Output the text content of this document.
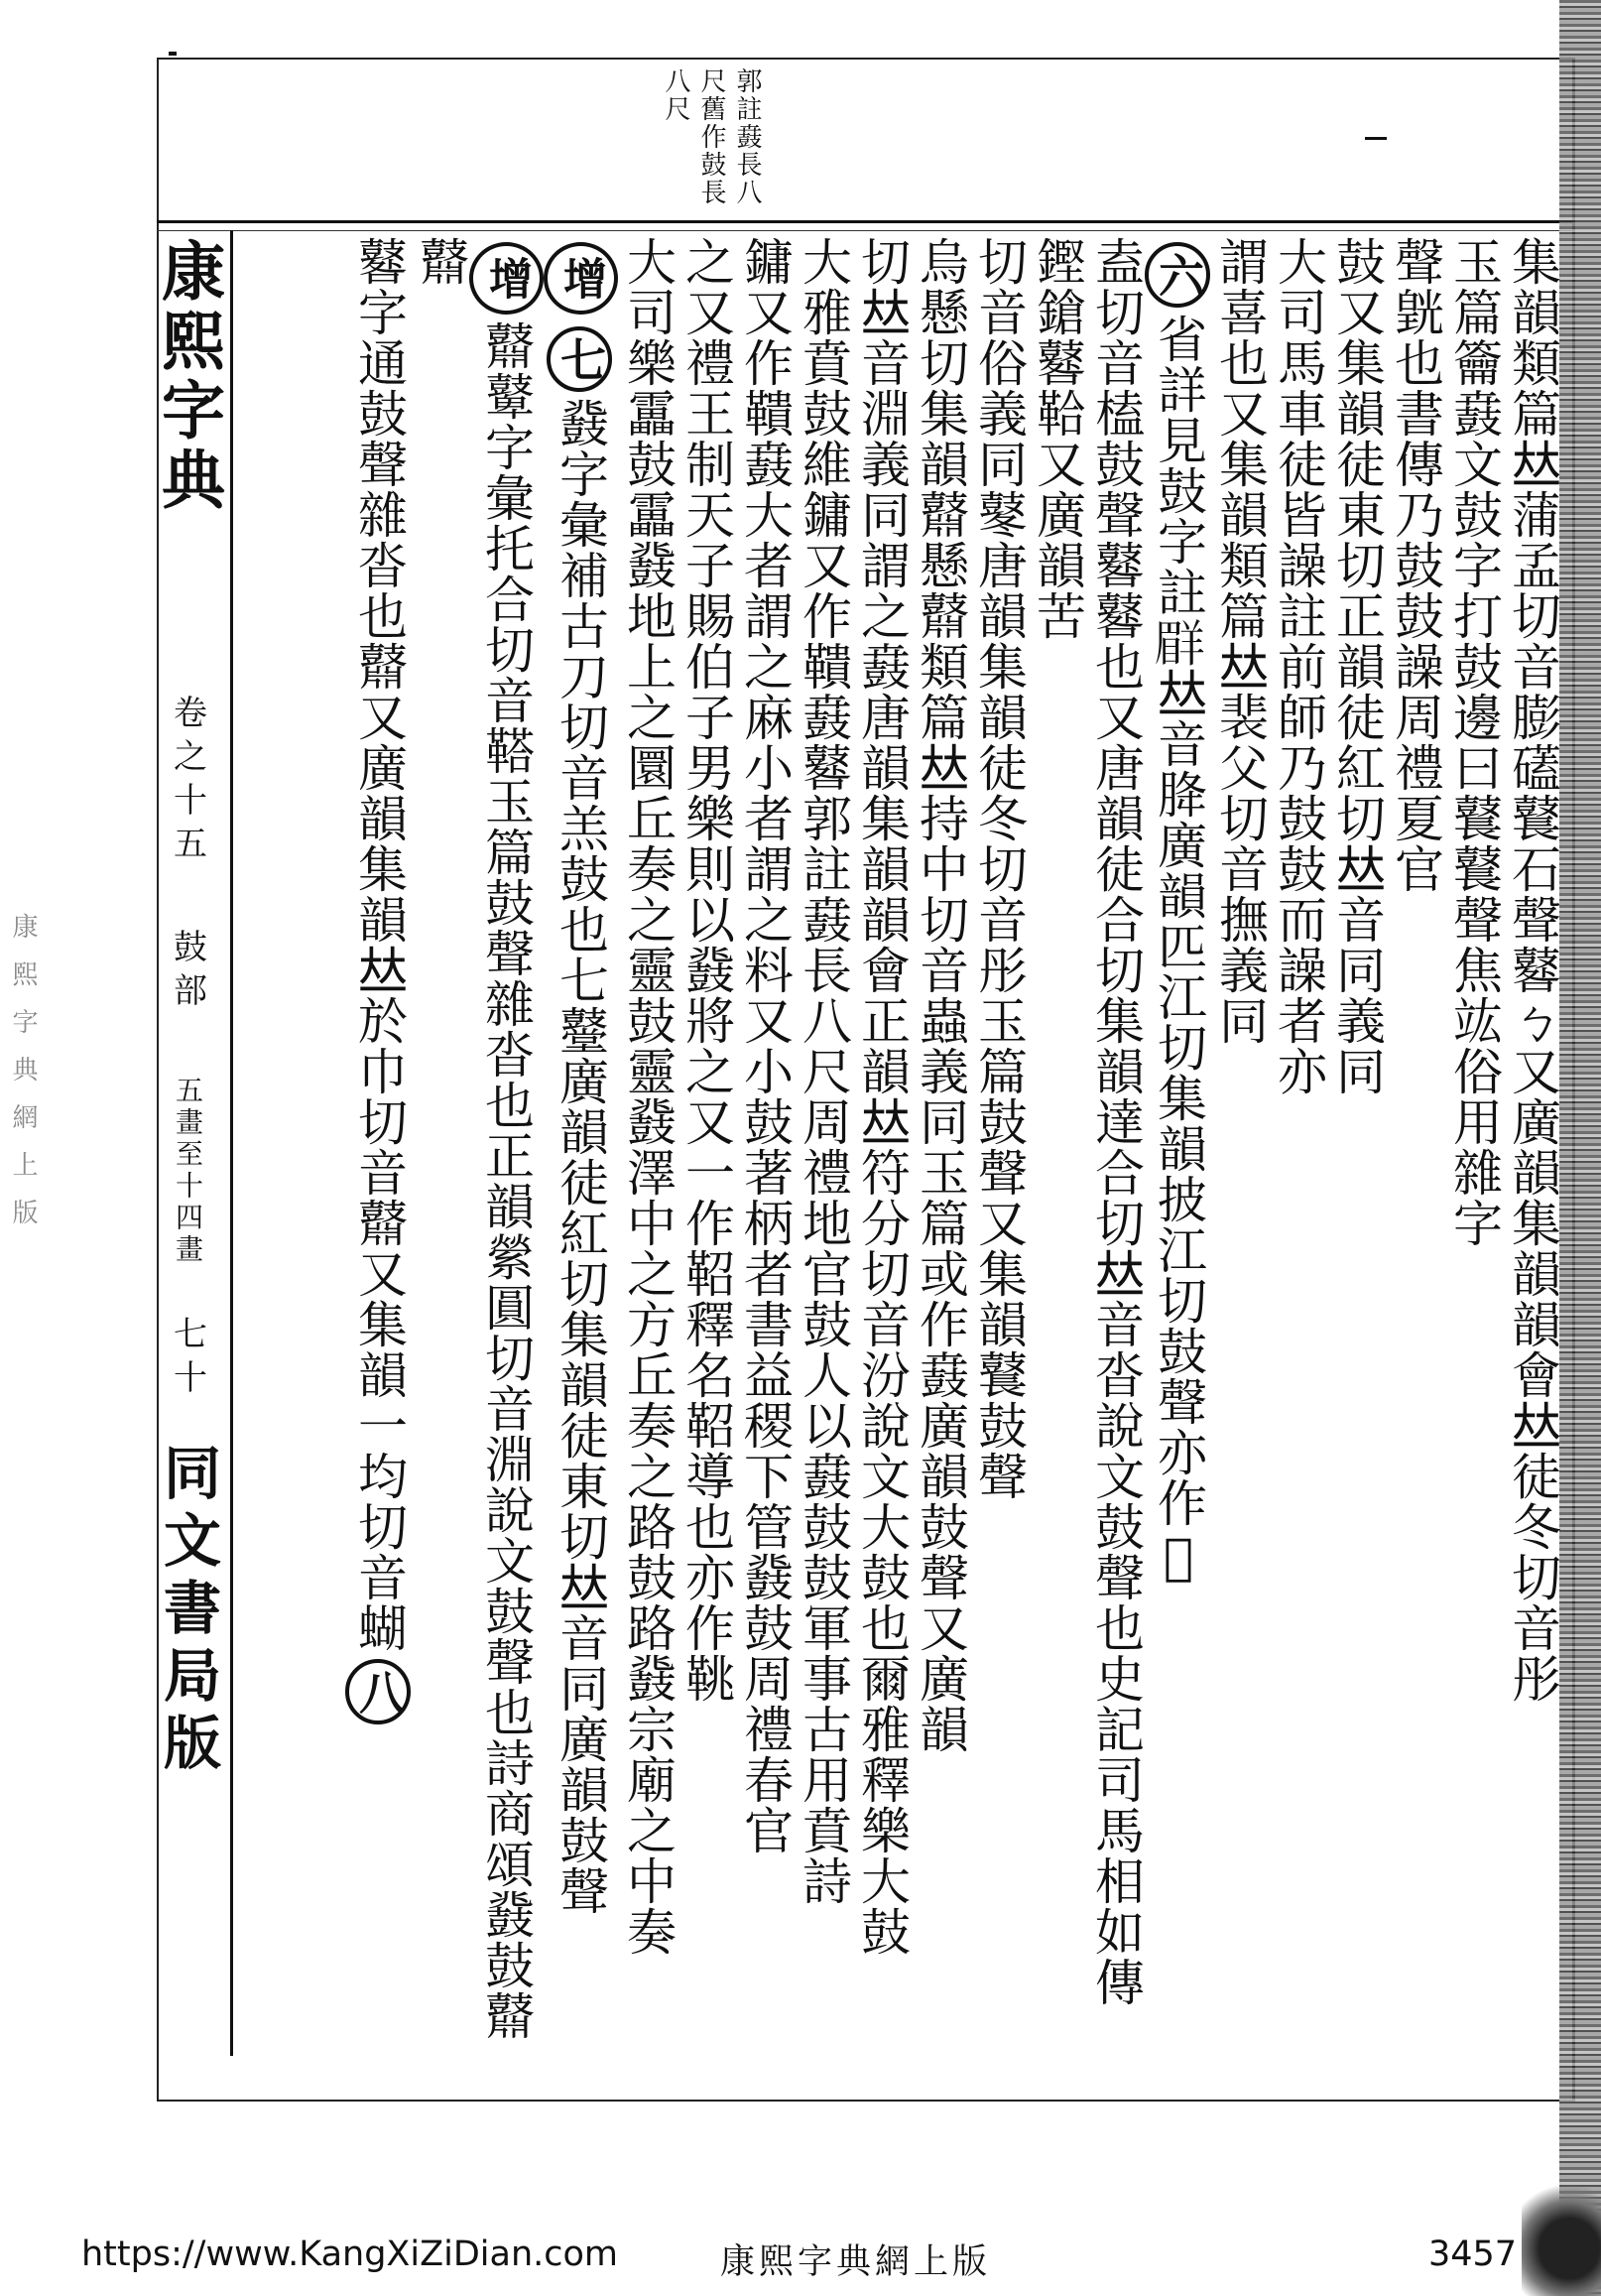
郭註鼖長八
尺舊作鼓長
八尺
康熙字典
卷之十五
鼓部
五畫至十四畫
七十
同文書局版	集韻類篇𠀤蒲孟切音膨礚鼚石聲鼛ㄅ又廣韻集韻韻會𠀤徒冬切音彤
玉篇籥鼖文鼓字打鼓邊曰鼚鼚聲焦竑俗用雜字
聲皝也書傳乃鼓鼓譟周禮夏官
鼓又集韻徒東切正韻徒紅切𠀤音同義同
大司馬車徒皆譟註前師乃鼓鼓而譟者亦
謂喜也又集韻類篇𠀤裴父切音撫義同
六省詳見鼓字註𦎨𠀤音胮廣韻匹江切集韻披江切鼓聲亦作𪔀
盍切音榼鼓聲鼛鼛也又唐韻徒合切集韻達合切𠀤音沓說文鼓聲也史記司馬相如傳鏗鎗鼛鞈又廣韻苦
切音俗義同鼕唐韻集韻徒冬切音彤玉篇鼓聲又集韻鼚鼓聲
烏懸切集韻鼘懸鼘類篇𠀤持中切音蟲義同玉篇或作鼖廣韻鼓聲又廣韻
切𠀤音淵義同謂之鼖唐韻集韻韻會正韻𠀤符分切音汾說文大鼓也爾雅釋樂大鼓
大雅賁鼓維鏞又作鞼鼖鼛郭註鼖長八尺周禮地官鼓人以鼖鼓鼓軍事古用賁詩
鏞又作鞼鼖大者謂之麻小者謂之料又小鼓著柄者書益稷下管鼗鼓周禮春官
之又禮王制天子賜伯子男樂則以鼗將之又一作鞀釋名鞀導也亦作鞉
大司樂靁鼓靁鼗地上之圜丘奏之靈鼓靈鼗澤中之方丘奏之路鼓路鼗宗廟之中奏
增七鼗字彙補古刀切音羔鼓也七鼞廣韻徒紅切集韻徒東切𠀤音同廣韻鼓聲
增鼘鼙字彙托合切音鞳玉篇鼓聲雜沓也正韻縈圓切音淵說文鼓聲也詩商頌鼗鼓鼘鼘
鼛字通鼓聲雜沓也鼘又廣韻集韻𠀤於巾切音鼘又集韻一均切音蝴八
康熙字典網上版
https://www.KangXiZiDian.com	康熙字典網上版	3457
